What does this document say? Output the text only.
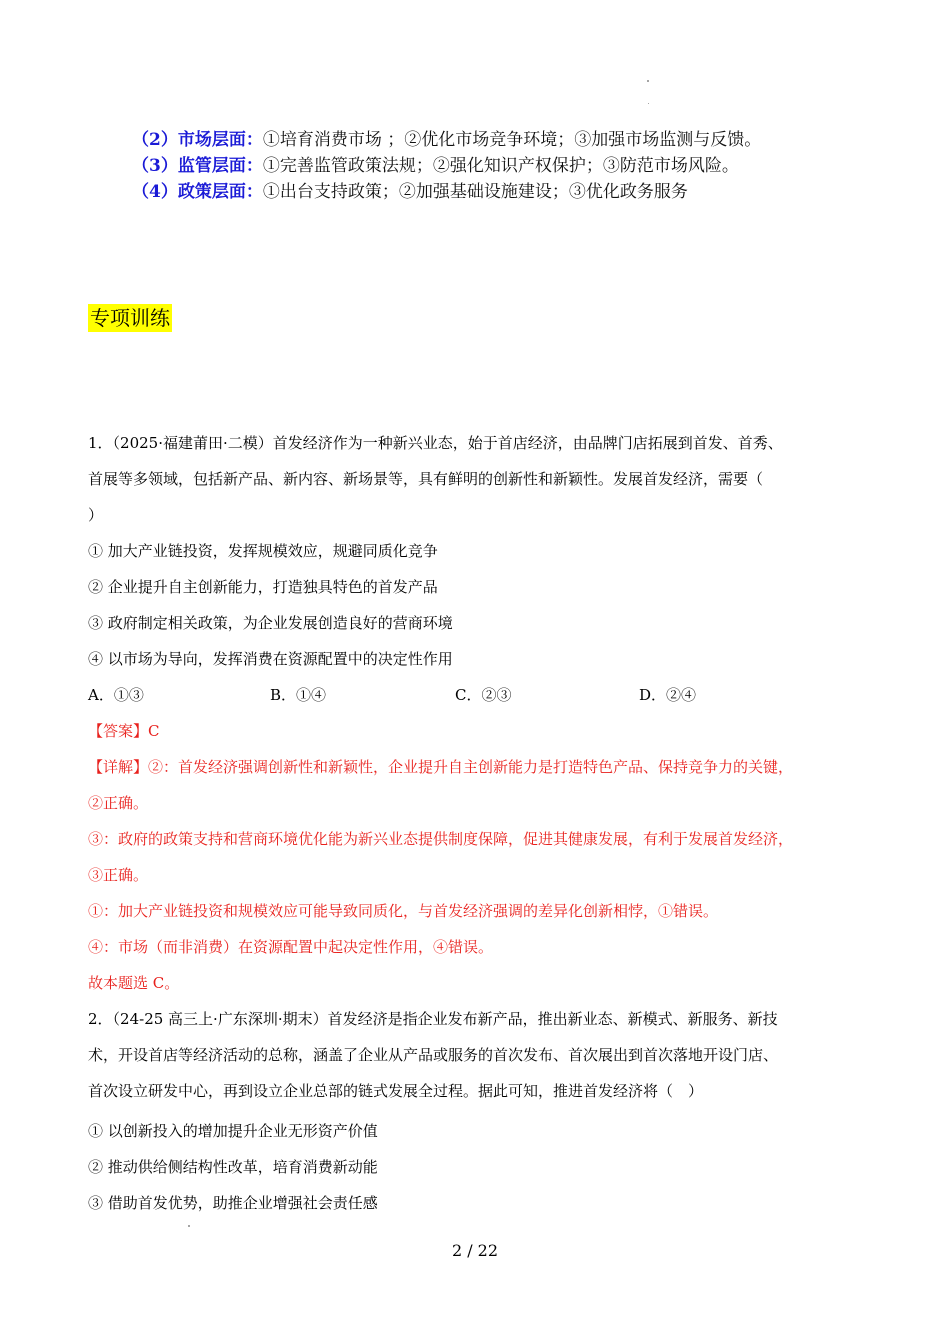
（2）市场层面：①培育消费市场 ；②优化市场竞争环境；③加强市场监测与反馈。
（3）监管层面：①完善监管政策法规；②强化知识产权保护；③防范市场风险。
（4）政策层面：①出台支持政策；②加强基础设施建设；③优化政务服务
专项训练
1．（2025·福建莆田·二模）首发经济作为一种新兴业态，始于首店经济，由品牌门店拓展到首发、首秀、
首展等多领域，包括新产品、新内容、新场景等，具有鲜明的创新性和新颖性。发展首发经济，需要（
）
① 加大产业链投资，发挥规模效应，规避同质化竞争
② 企业提升自主创新能力，打造独具特色的首发产品
③ 政府制定相关政策，为企业发展创造良好的营商环境
④ 以市场为导向，发挥消费在资源配置中的决定性作用
A．①③	B．①④	C．②③	D．②④
【答案】C
【详解】②：首发经济强调创新性和新颖性，企业提升自主创新能力是打造特色产品、保持竞争力的关键，
②正确。
③：政府的政策支持和营商环境优化能为新兴业态提供制度保障，促进其健康发展，有利于发展首发经济，
③正确。
①：加大产业链投资和规模效应可能导致同质化，与首发经济强调的差异化创新相悖，①错误。
④：市场（而非消费）在资源配置中起决定性作用，④错误。
故本题选 C。
2．（24-25 高三上·广东深圳·期末）首发经济是指企业发布新产品，推出新业态、新模式、新服务、新技
术，开设首店等经济活动的总称，涵盖了企业从产品或服务的首次发布、首次展出到首次落地开设门店、
首次设立研发中心，再到设立企业总部的链式发展全过程。据此可知，推进首发经济将（　）
① 以创新投入的增加提升企业无形资产价值
② 推动供给侧结构性改革，培育消费新动能
③ 借助首发优势，助推企业增强社会责任感
2 / 22
